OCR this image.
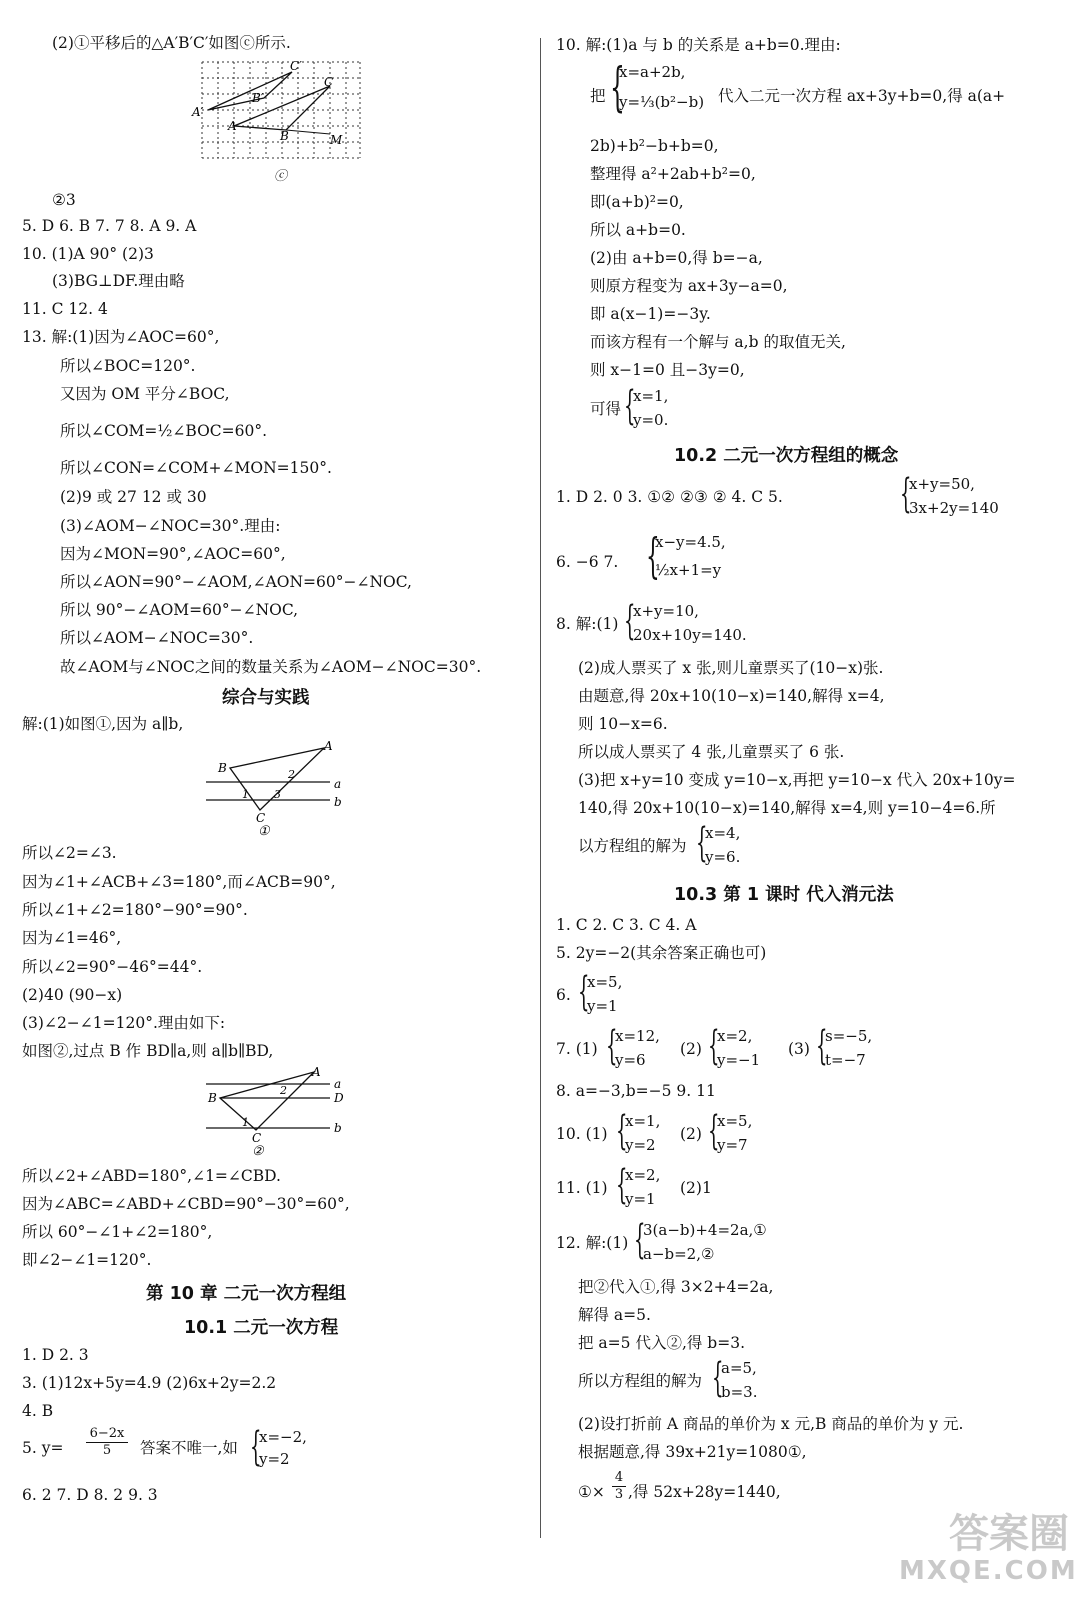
(2)①平移后的△A′B′C′如图ⓒ所示.
A′
C′
B′
A
C
B	M
ⓒ
②3
5. D 6. B 7. 7 8. A 9. A
10. (1)A 90° (2)3
(3)BG⊥DF.理由略
11. C 12. 4
13. 解:(1)因为∠AOC=60°,
所以∠BOC=120°.
又因为 OM 平分∠BOC,
所以∠COM=½∠BOC=60°.
所以∠CON=∠COM+∠MON=150°.
(2)9 或 27 12 或 30
(3)∠AOM−∠NOC=30°.理由:
因为∠MON=90°,∠AOC=60°,
所以∠AON=90°−∠AOM,∠AON=60°−∠NOC,
所以 90°−∠AOM=60°−∠NOC,
所以∠AOM−∠NOC=30°.
故∠AOM与∠NOC之间的数量关系为∠AOM−∠NOC=30°.
综合与实践
解:(1)如图①,因为 a∥b,
B
A
a
b
C
1
2
3
①
所以∠2=∠3.
因为∠1+∠ACB+∠3=180°,而∠ACB=90°,
所以∠1+∠2=180°−90°=90°.
因为∠1=46°,
所以∠2=90°−46°=44°.
(2)40 (90−x)
(3)∠2−∠1=120°.理由如下:
如图②,过点 B 作 BD∥a,则 a∥b∥BD,
B
A
a
D
b
C
1
2
②
所以∠2+∠ABD=180°,∠1=∠CBD.
因为∠ABC=∠ABD+∠CBD=90°−30°=60°,
所以 60°−∠1+∠2=180°,
即∠2−∠1=120°.
第 10 章 二元一次方程组
10.1 二元一次方程
1. D 2. 3
3. (1)12x+5y=4.9 (2)6x+2y=2.2
4. B
5. y=
6−2x
5	答案不唯一,如 {
x=−2,
y=2
6. 2 7. D 8. 2 9. 3
10. 解:(1)a 与 b 的关系是 a+b=0.理由:
把 {
x=a+2b,
y=⅓(b²−b) 代入二元一次方程 ax+3y+b=0,得 a(a+
2b)+b²−b+b=0,
整理得 a²+2ab+b²=0,
即(a+b)²=0,
所以 a+b=0.
(2)由 a+b=0,得 b=−a,
则原方程变为 ax+3y−a=0,
即 a(x−1)=−3y.
而该方程有一个解与 a,b 的取值无关,
则 x−1=0 且−3y=0,
可得 {
x=1,
y=0.
10.2 二元一次方程组的概念
1. D 2. 0 3. ①② ②③ ② 4. C 5.	{
x+y=50,
3x+2y=140
6. −6 7. {
x−y=4.5,
½x+1=y
8. 解:(1) {
x+y=10,
20x+10y=140.
(2)成人票买了 x 张,则儿童票买了(10−x)张.
由题意,得 20x+10(10−x)=140,解得 x=4,
则 10−x=6.
所以成人票买了 4 张,儿童票买了 6 张.
(3)把 x+y=10 变成 y=10−x,再把 y=10−x 代入 20x+10y=
140,得 20x+10(10−x)=140,解得 x=4,则 y=10−4=6.所
以方程组的解为 {
x=4,
y=6.
10.3 第 1 课时 代入消元法
1. C 2. C 3. C 4. A
5. 2y=−2(其余答案正确也可)
6. {
x=5,
y=1
7. (1) {
x=12,
y=6
(2) {
x=2,
y=−1
(3) {
s=−5,
t=−7
8. a=−3,b=−5 9. 11
10. (1) {
x=1,
y=2
(2) {
x=5,
y=7
11. (1) {
x=2,
y=1
(2)1
12. 解:(1) {
3(a−b)+4=2a,①
a−b=2,②
把②代入①,得 3×2+4=2a,
解得 a=5.
把 a=5 代入②,得 b=3.
所以方程组的解为 {
a=5,
b=3.
(2)设打折前 A 商品的单价为 x 元,B 商品的单价为 y 元.
根据题意,得 39x+21y=1080①,
①×
4
3 ,得 52x+28y=1440,
答案圈
MXQE.COM
